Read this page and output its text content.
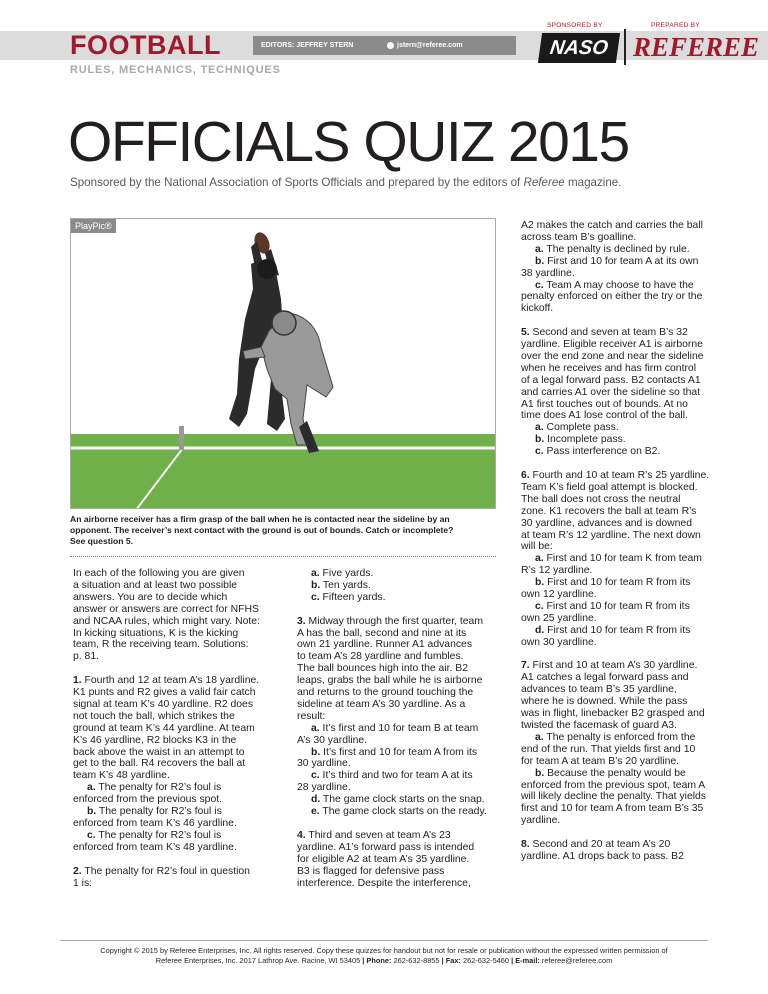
FOOTBALL	EDITORS: JEFFREY STERN	jstern@referee.com
RULES, MECHANICS, TECHNIQUES
SPONSORED BY	PREPARED BY
NASO REFEREE
OFFICIALS QUIZ 2015
Sponsored by the National Association of Sports Officials and prepared by the editors of Referee magazine.
PlayPic®
An airborne receiver has a firm grasp of the ball when he is contacted near the sideline by an
opponent. The receiver’s next contact with the ground is out of bounds. Catch or incomplete?
See question 5.
In each of the following you are given
a situation and at least two possible
answers. You are to decide which
answer or answers are correct for NFHS
and NCAA rules, which might vary. Note:
In kicking situations, K is the kicking
team, R the receiving team. Solutions:
p. 81.
1. Fourth and 12 at team A’s 18 yardline.
K1 punts and R2 gives a valid fair catch
signal at team K’s 40 yardline. R2 does
not touch the ball, which strikes the
ground at team K’s 44 yardline. At team
K’s 46 yardline, R2 blocks K3 in the
back above the waist in an attempt to
get to the ball. R4 recovers the ball at
team K’s 48 yardline.
a. The penalty for R2’s foul is
enforced from the previous spot.
b. The penalty for R2’s foul is
enforced from team K’s 46 yardline.
c. The penalty for R2’s foul is
enforced from team K’s 48 yardline.
2. The penalty for R2’s foul in question
1 is:
a. Five yards.
b. Ten yards.
c. Fifteen yards.
3. Midway through the first quarter, team
A has the ball, second and nine at its
own 21 yardline. Runner A1 advances
to team A’s 28 yardline and fumbles.
The ball bounces high into the air. B2
leaps, grabs the ball while he is airborne
and returns to the ground touching the
sideline at team A’s 30 yardline. As a
result:
a. It’s first and 10 for team B at team
A’s 30 yardline.
b. It’s first and 10 for team A from its
30 yardline.
c. It’s third and two for team A at its
28 yardline.
d. The game clock starts on the snap.
e. The game clock starts on the ready.
4. Third and seven at team A’s 23
yardline. A1’s forward pass is intended
for eligible A2 at team A’s 35 yardline.
B3 is flagged for defensive pass
interference. Despite the interference,
A2 makes the catch and carries the ball
across team B’s goalline.
a. The penalty is declined by rule.
b. First and 10 for team A at its own
38 yardline.
c. Team A may choose to have the
penalty enforced on either the try or the
kickoff.
5. Second and seven at team B’s 32
yardline. Eligible receiver A1 is airborne
over the end zone and near the sideline
when he receives and has firm control
of a legal forward pass. B2 contacts A1
and carries A1 over the sideline so that
A1 first touches out of bounds. At no
time does A1 lose control of the ball.
a. Complete pass.
b. Incomplete pass.
c. Pass interference on B2.
6. Fourth and 10 at team R’s 25 yardline.
Team K’s field goal attempt is blocked.
The ball does not cross the neutral
zone. K1 recovers the ball at team R’s
30 yardline, advances and is downed
at team R’s 12 yardline. The next down
will be:
a. First and 10 for team K from team
R’s 12 yardline.
b. First and 10 for team R from its
own 12 yardline.
c. First and 10 for team R from its
own 25 yardline.
d. First and 10 for team R from its
own 30 yardline.
7. First and 10 at team A’s 30 yardline.
A1 catches a legal forward pass and
advances to team B’s 35 yardline,
where he is downed. While the pass
was in flight, linebacker B2 grasped and
twisted the facemask of guard A3.
a. The penalty is enforced from the
end of the run. That yields first and 10
for team A at team B’s 20 yardline.
b. Because the penalty would be
enforced from the previous spot, team A
will likely decline the penalty. That yields
first and 10 for team A from team B’s 35
yardline.
8. Second and 20 at team A’s 20
yardline. A1 drops back to pass. B2
Copyright © 2015 by Referee Enterprises, Inc. All rights reserved. Copy these quizzes for handout but not for resale or publication without the expressed written permission of
Referee Enterprises, Inc. 2017 Lathrop Ave. Racine, WI 53405 | Phone: 262-632-8855 | Fax: 262-632-5460 | E-mail: referee@referee.com
